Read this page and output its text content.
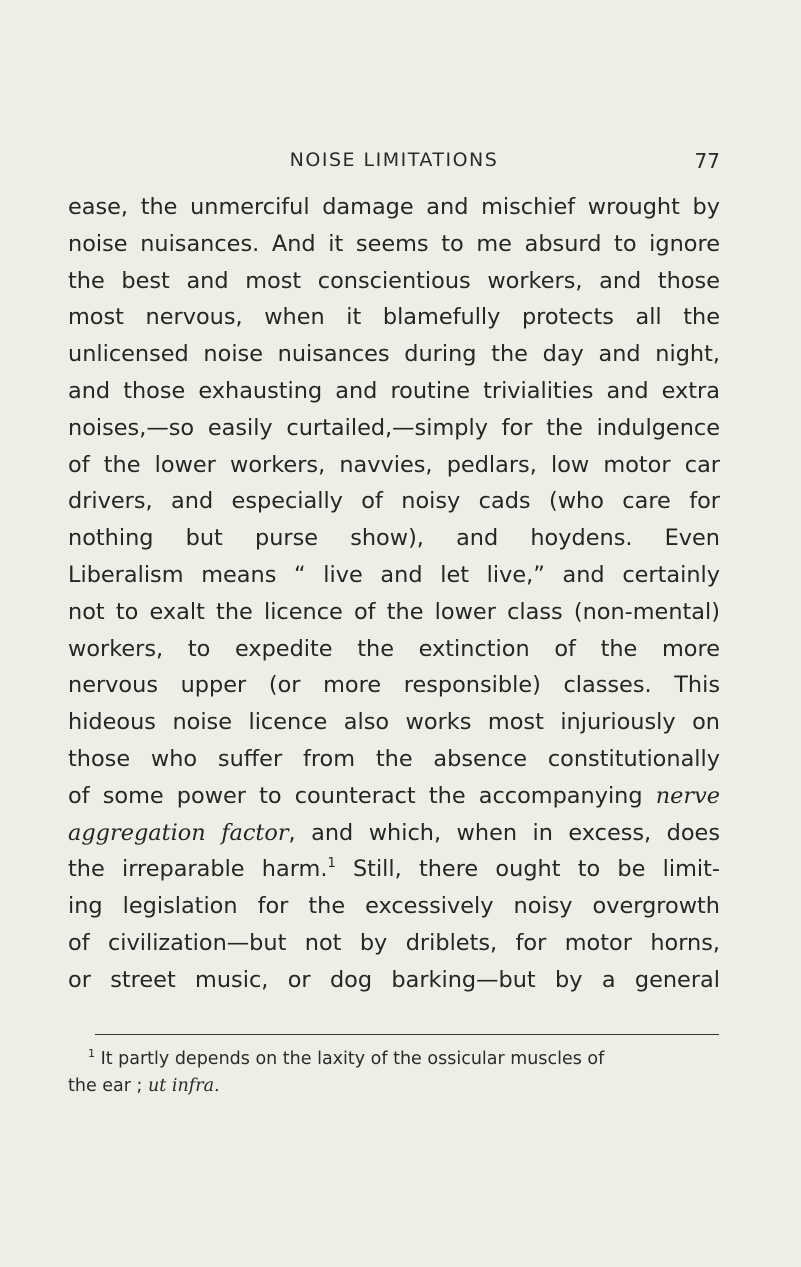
NOISE LIMITATIONS	77
ease, the unmerciful damage and mischief wrought by
noise nuisances. And it seems to me absurd to ignore
the best and most conscientious workers, and those
most nervous, when it blamefully protects all the
unlicensed noise nuisances during the day and night,
and those exhausting and routine trivialities and extra
noises,—so easily curtailed,—simply for the indulgence
of the lower workers, navvies, pedlars, low motor car
drivers, and especially of noisy cads (who care for
nothing but purse show), and hoydens. Even
Liberalism means “ live and let live,” and certainly
not to exalt the licence of the lower class (non-mental)
workers, to expedite the extinction of the more
nervous upper (or more responsible) classes. This
hideous noise licence also works most injuriously on
those who suffer from the absence constitutionally
of some power to counteract the accompanying nerve
aggregation factor, and which, when in excess, does
the irreparable harm.$^1$ Still, there ought to be limit-
ing legislation for the excessively noisy overgrowth
of civilization—but not by driblets, for motor horns,
or street music, or dog barking—but by a general
$^1$ It partly depends on the laxity of the ossicular muscles of
the ear ; ut infra.
